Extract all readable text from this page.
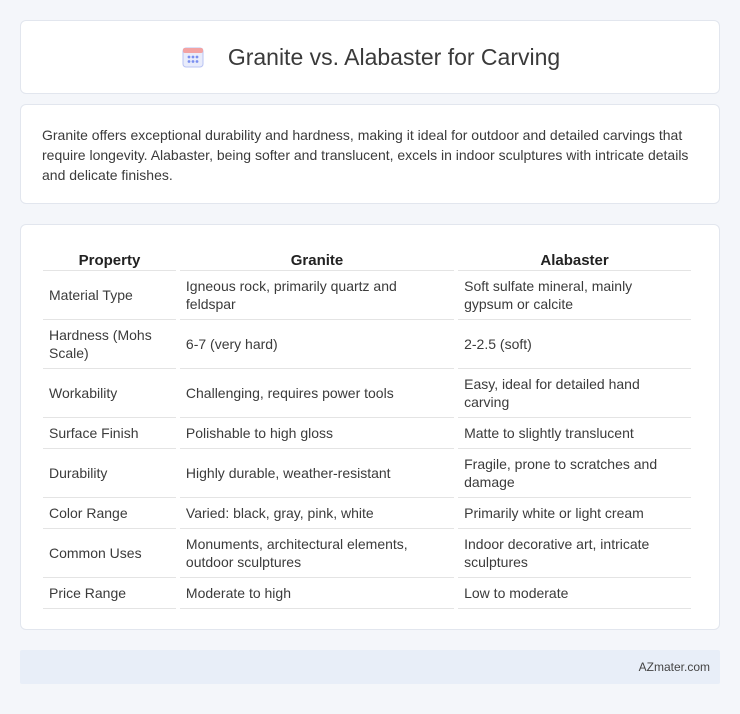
Granite vs. Alabaster for Carving

Granite offers exceptional durability and hardness, making it ideal for outdoor and detailed carvings that require longevity. Alabaster, being softer and translucent, excels in indoor sculptures with intricate details and delicate finishes.

Property	Granite	Alabaster
Material Type	Igneous rock, primarily quartz and feldspar	Soft sulfate mineral, mainly gypsum or calcite
Hardness (Mohs Scale)	6-7 (very hard)	2-2.5 (soft)
Workability	Challenging, requires power tools	Easy, ideal for detailed hand carving
Surface Finish	Polishable to high gloss	Matte to slightly translucent
Durability	Highly durable, weather-resistant	Fragile, prone to scratches and damage
Color Range	Varied: black, gray, pink, white	Primarily white or light cream
Common Uses	Monuments, architectural elements, outdoor sculptures	Indoor decorative art, intricate sculptures
Price Range	Moderate to high	Low to moderate
AZmater.com
